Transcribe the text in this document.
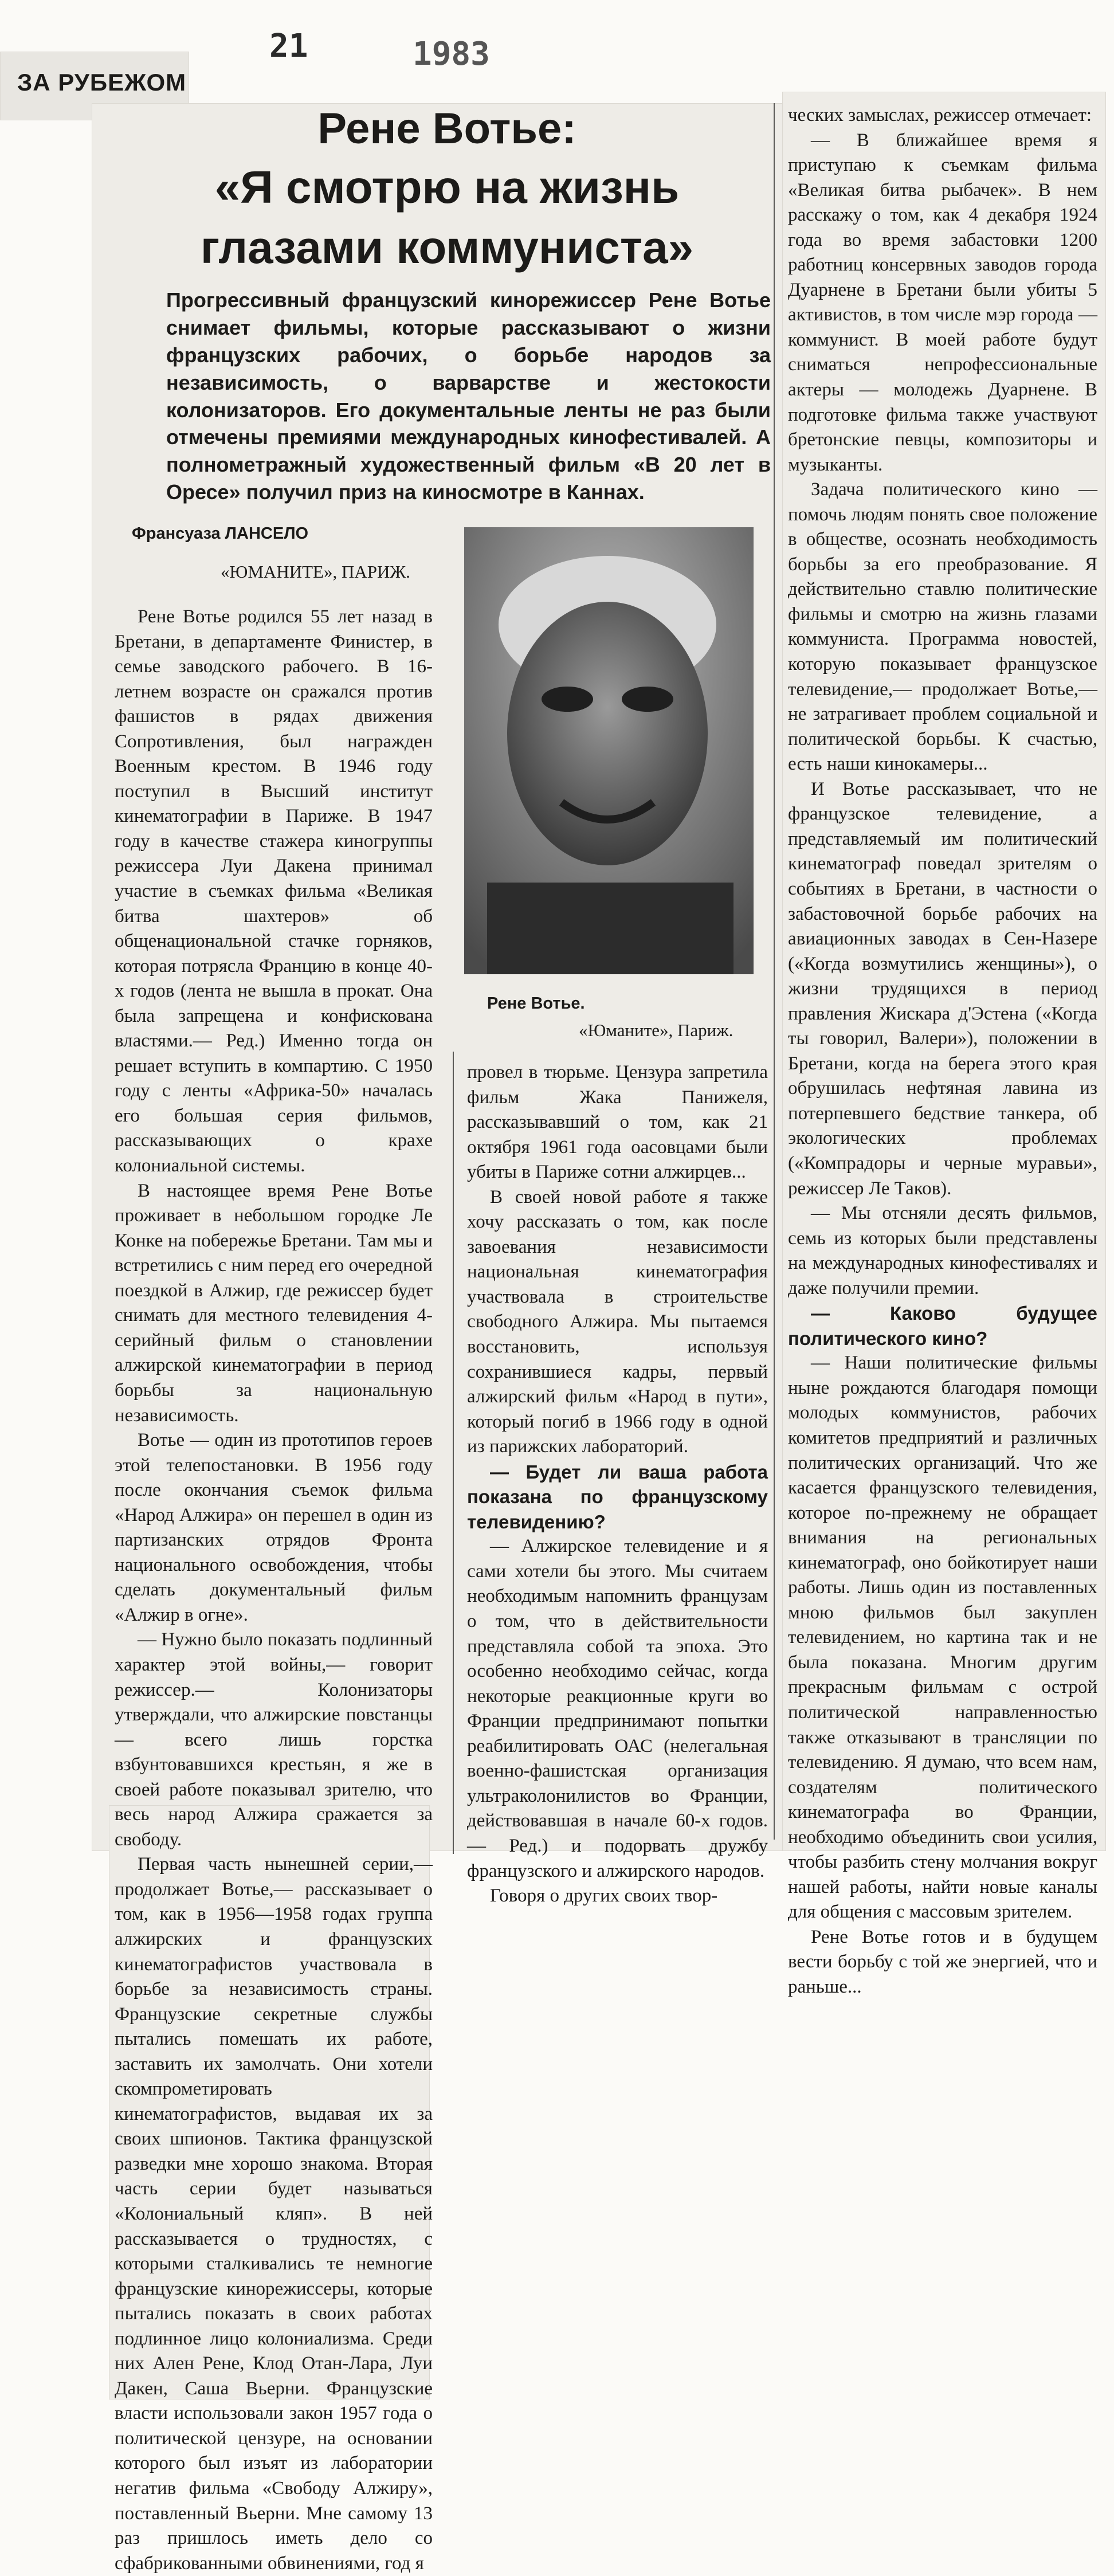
ЗА РУБЕЖОМ
21	1983
Рене Вотье:
«Я смотрю на жизнь
глазами коммуниста»
Прогрессивный французский кинорежиссер Рене Вотье снимает фильмы, которые рассказывают о жизни французских рабочих, о борьбе народов за независимость, о варварстве и жестокости колонизаторов. Его документальные ленты не раз были отмечены премиями международных кинофестивалей. А полнометражный художественный фильм «В 20 лет в Оресе» получил приз на киносмотре в Каннах.
Франсуаза ЛАНСЕЛО
«ЮМАНИТЕ», ПАРИЖ.
Рене Вотье.
«Юманите», Париж.

Рене Вотье родился 55 лет назад в Бретани, в департаменте Финистер, в семье заводского рабочего. В 16-летнем возрасте он сражался против фашистов в рядах движения Сопротивления, был награжден Военным крестом. В 1946 году поступил в Высший институт кинематографии в Париже. В 1947 году в качестве стажера киногруппы режиссера Луи Дакена принимал участие в съемках фильма «Великая битва шахтеров» об общенациональной стачке горняков, которая потрясла Францию в конце 40-х годов (лента не вышла в прокат. Она была запрещена и конфискована властями.— Ред.) Именно тогда он решает вступить в компартию. С 1950 году с ленты «Африка-50» началась его большая серия фильмов, рассказывающих о крахе колониальной системы.

В настоящее время Рене Вотье проживает в небольшом городке Ле Конке на побережье Бретани. Там мы и встретились с ним перед его очередной поездкой в Алжир, где режиссер будет снимать для местного телевидения 4-серийный фильм о становлении алжирской кинематографии в период борьбы за национальную независимость.

Вотье — один из прототипов героев этой телепостановки. В 1956 году после окончания съемок фильма «Народ Алжира» он перешел в один из партизанских отрядов Фронта национального освобождения, чтобы сделать документальный фильм «Алжир в огне».

— Нужно было показать подлинный характер этой войны,— говорит режиссер.— Колонизаторы утверждали, что алжирские повстанцы — всего лишь горстка взбунтовавшихся крестьян, я же в своей работе показывал зрителю, что весь народ Алжира сражается за свободу.

Первая часть нынешней серии,— продолжает Вотье,— рассказывает о том, как в 1956—1958 годах группа алжирских и французских кинематографистов участвовала в борьбе за независимость страны. Французские секретные службы пытались помешать их работе, заставить их замолчать. Они хотели скомпрометировать кинематографистов, выдавая их за своих шпионов. Тактика французской разведки мне хорошо знакома. Вторая часть серии будет называться «Колониальный кляп». В ней рассказывается о трудностях, с которыми сталкивались те немногие французские кинорежиссеры, которые пытались показать в своих работах подлинное лицо колониализма. Среди них Ален Рене, Клод Отан-Лара, Луи Дакен, Саша Вьерни. Французские власти использовали закон 1957 года о политической цензуре, на основании которого был изъят из лаборатории негатив фильма «Свободу Алжиру», поставленный Вьерни. Мне самому 13 раз пришлось иметь дело со сфабрикованными обвинениями, год я

провел в тюрьме. Цензура запретила фильм Жака Панижеля, рассказывавший о том, как 21 октября 1961 года оасовцами были убиты в Париже сотни алжирцев...

В своей новой работе я также хочу рассказать о том, как после завоевания независимости национальная кинематография участвовала в строительстве свободного Алжира. Мы пытаемся восстановить, используя сохранившиеся кадры, первый алжирский фильм «Народ в пути», который погиб в 1966 году в одной из парижских лабораторий.

— Будет ли ваша работа показана по французскому телевидению?

— Алжирское телевидение и я сами хотели бы этого. Мы считаем необходимым напомнить французам о том, что в действительности представляла собой та эпоха. Это особенно необходимо сейчас, когда некоторые реакционные круги во Франции предпринимают попытки реабилитировать ОАС (нелегальная военно-фашистская организация ультраколонилистов во Франции, действовавшая в начале 60-х годов.— Ред.) и подорвать дружбу французского и алжирского народов.

Говоря о других своих твор-

ческих замыслах, режиссер отмечает:

— В ближайшее время я приступаю к съемкам фильма «Великая битва рыбачек». В нем расскажу о том, как 4 декабря 1924 года во время забастовки 1200 работниц консервных заводов города Дуарнене в Бретани были убиты 5 активистов, в том числе мэр города — коммунист. В моей работе будут сниматься непрофессиональные актеры — молодежь Дуарнене. В подготовке фильма также участвуют бретонские певцы, композиторы и музыканты.

Задача политического кино — помочь людям понять свое положение в обществе, осознать необходимость борьбы за его преобразование. Я действительно ставлю политические фильмы и смотрю на жизнь глазами коммуниста. Программа новостей, которую показывает французское телевидение,— продолжает Вотье,— не затрагивает проблем социальной и политической борьбы. К счастью, есть наши кинокамеры...

И Вотье рассказывает, что не французское телевидение, а представляемый им политический кинематограф поведал зрителям о событиях в Бретани, в частности о забастовочной борьбе рабочих на авиационных заводах в Сен-Назере («Когда возмутились женщины»), о жизни трудящихся в период правления Жискара д'Эстена («Когда ты говорил, Валери»), положении в Бретани, когда на берега этого края обрушилась нефтяная лавина из потерпевшего бедствие танкера, об экологических проблемах («Компрадоры и черные муравьи», режиссер Ле Таков).

— Мы отсняли десять фильмов, семь из которых были представлены на международных кинофестивалях и даже получили премии.

— Каково будущее политического кино?

— Наши политические фильмы ныне рождаются благодаря помощи молодых коммунистов, рабочих комитетов предприятий и различных политических организаций. Что же касается французского телевидения, которое по-прежнему не обращает внимания на региональных кинематограф, оно бойкотирует наши работы. Лишь один из поставленных мною фильмов был закуплен телевидением, но картина так и не была показана. Многим другим прекрасным фильмам с острой политической направленностью также отказывают в трансляции по телевидению. Я думаю, что всем нам, создателям политического кинематографа во Франции, необходимо объединить свои усилия, чтобы разбить стену молчания вокруг нашей работы, найти новые каналы для общения с массовым зрителем.

Рене Вотье готов и в будущем вести борьбу с той же энергией, что и раньше...
